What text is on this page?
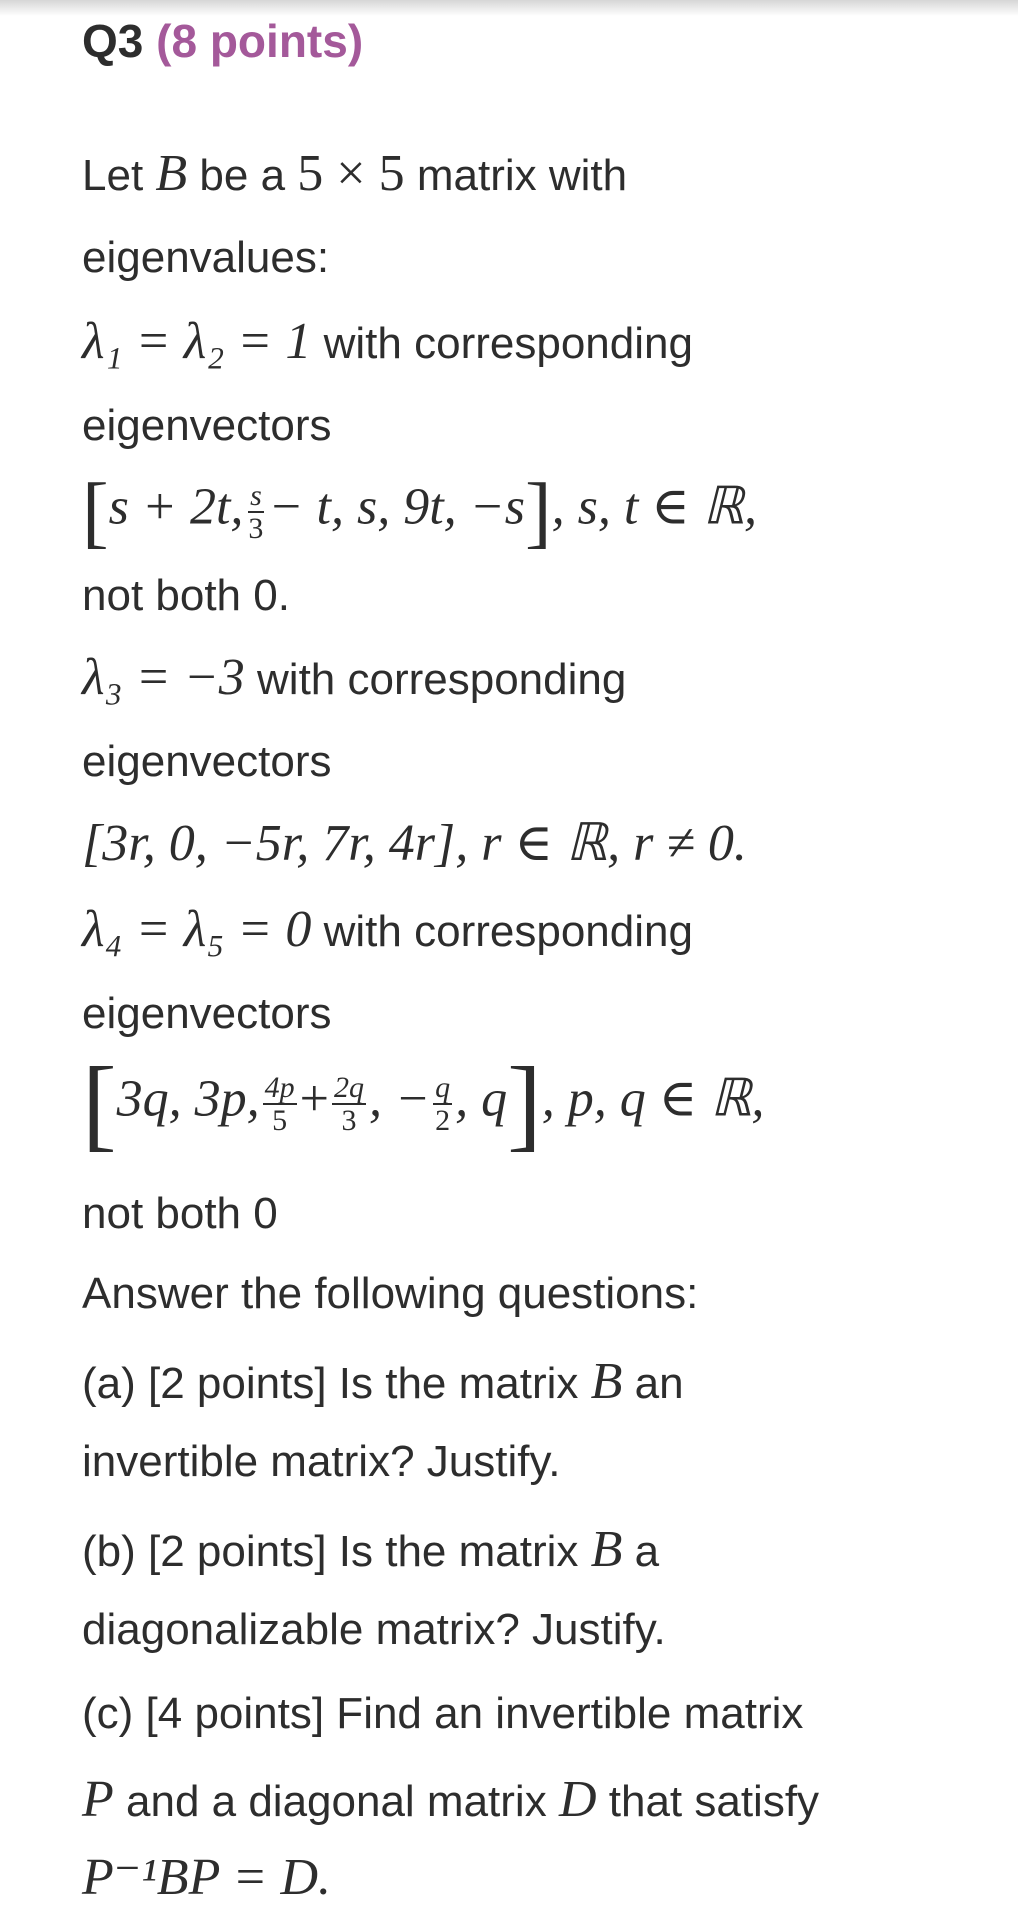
Q3 (8 points)
Let B be a 5 × 5 matrix with
eigenvalues:
λ₁ = λ₂ = 1 with corresponding
eigenvectors
[s + 2t, $\frac{s}{3} - t$, s, 9t, −s], s, t ∈ ℝ,
not both 0.
λ₃ = −3 with corresponding
eigenvectors
[3r, 0, −5r, 7r, 4r], r ∈ ℝ, r ≠ 0.
λ₄ = λ₅ = 0 with corresponding
eigenvectors
[3q, 3p, $\frac{4p}{5} + \frac{2q}{3}$ , − $\frac{q}{2}$ , q], p, q ∈ ℝ,
not both 0
Answer the following questions:
(a) [2 points] Is the matrix B an
invertible matrix? Justify.
(b) [2 points] Is the matrix B a
diagonalizable matrix? Justify.
(c) [4 points] Find an invertible matrix
P and a diagonal matrix D that satisfy
P⁻¹BP = D.
